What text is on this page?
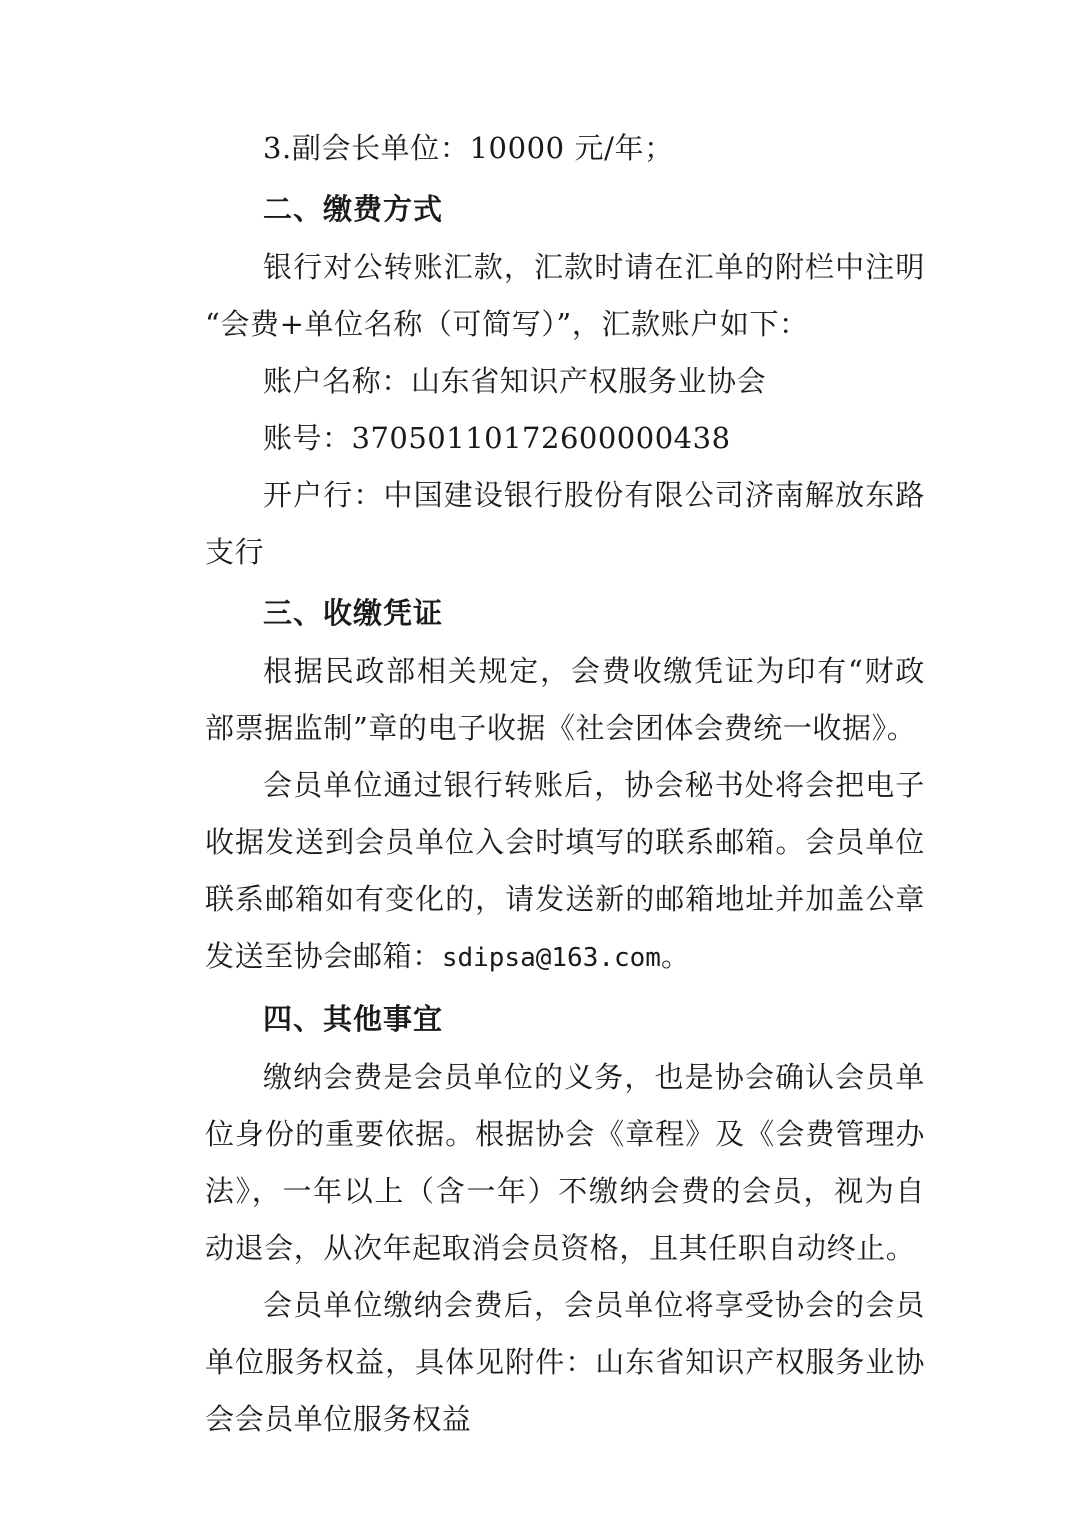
3.副会长单位：10000 元/年；

二、缴费方式

银行对公转账汇款，汇款时请在汇单的附栏中注明“会费+单位名称（可简写）”，汇款账户如下：

账户名称：山东省知识产权服务业协会

账号：37050110172600000438

开户行：中国建设银行股份有限公司济南解放东路支行

三、收缴凭证

根据民政部相关规定，会费收缴凭证为印有“财政部票据监制”章的电子收据《社会团体会费统一收据》。

会员单位通过银行转账后，协会秘书处将会把电子收据发送到会员单位入会时填写的联系邮箱。会员单位联系邮箱如有变化的，请发送新的邮箱地址并加盖公章发送至协会邮箱：sdipsa@163.com。

四、其他事宜

缴纳会费是会员单位的义务，也是协会确认会员单位身份的重要依据。根据协会《章程》及《会费管理办法》，一年以上（含一年）不缴纳会费的会员，视为自动退会，从次年起取消会员资格，且其任职自动终止。

会员单位缴纳会费后，会员单位将享受协会的会员单位服务权益，具体见附件：山东省知识产权服务业协会会员单位服务权益
